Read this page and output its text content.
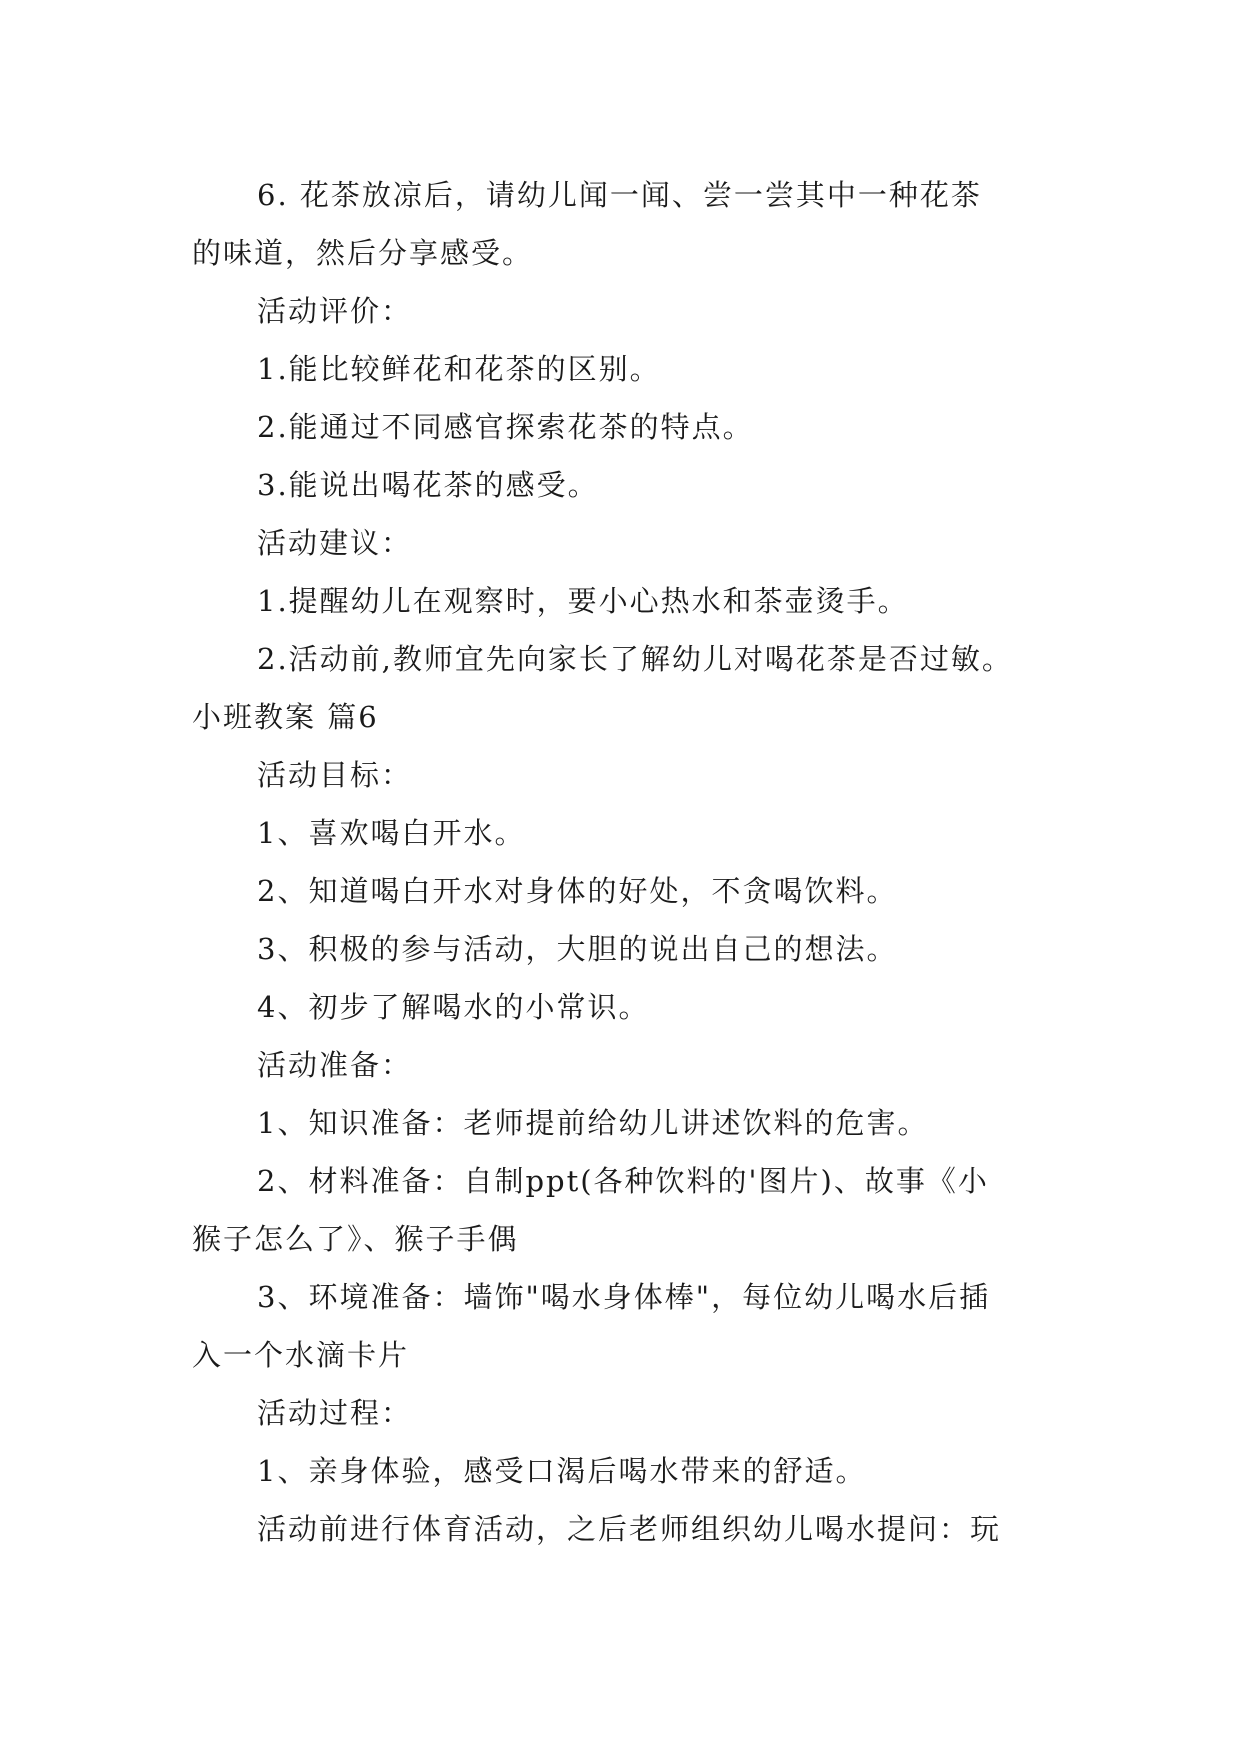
6. 花茶放凉后，请幼儿闻一闻、尝一尝其中一种花茶
的味道，然后分享感受。
活动评价：
1.能比较鲜花和花茶的区别。
2.能通过不同感官探索花茶的特点。
3.能说出喝花茶的感受。
活动建议：
1.提醒幼儿在观察时，要小心热水和茶壶烫手。
2.活动前,教师宜先向家长了解幼儿对喝花茶是否过敏。
小班教案 篇6
活动目标：
1、喜欢喝白开水。
2、知道喝白开水对身体的好处，不贪喝饮料。
3、积极的参与活动，大胆的说出自己的想法。
4、初步了解喝水的小常识。
活动准备：
1、知识准备：老师提前给幼儿讲述饮料的危害。
2、材料准备：自制ppt(各种饮料的'图片)、故事《小
猴子怎么了》、猴子手偶
3、环境准备：墙饰"喝水身体棒"，每位幼儿喝水后插
入一个水滴卡片
活动过程：
1、亲身体验，感受口渴后喝水带来的舒适。
活动前进行体育活动，之后老师组织幼儿喝水提问：玩
